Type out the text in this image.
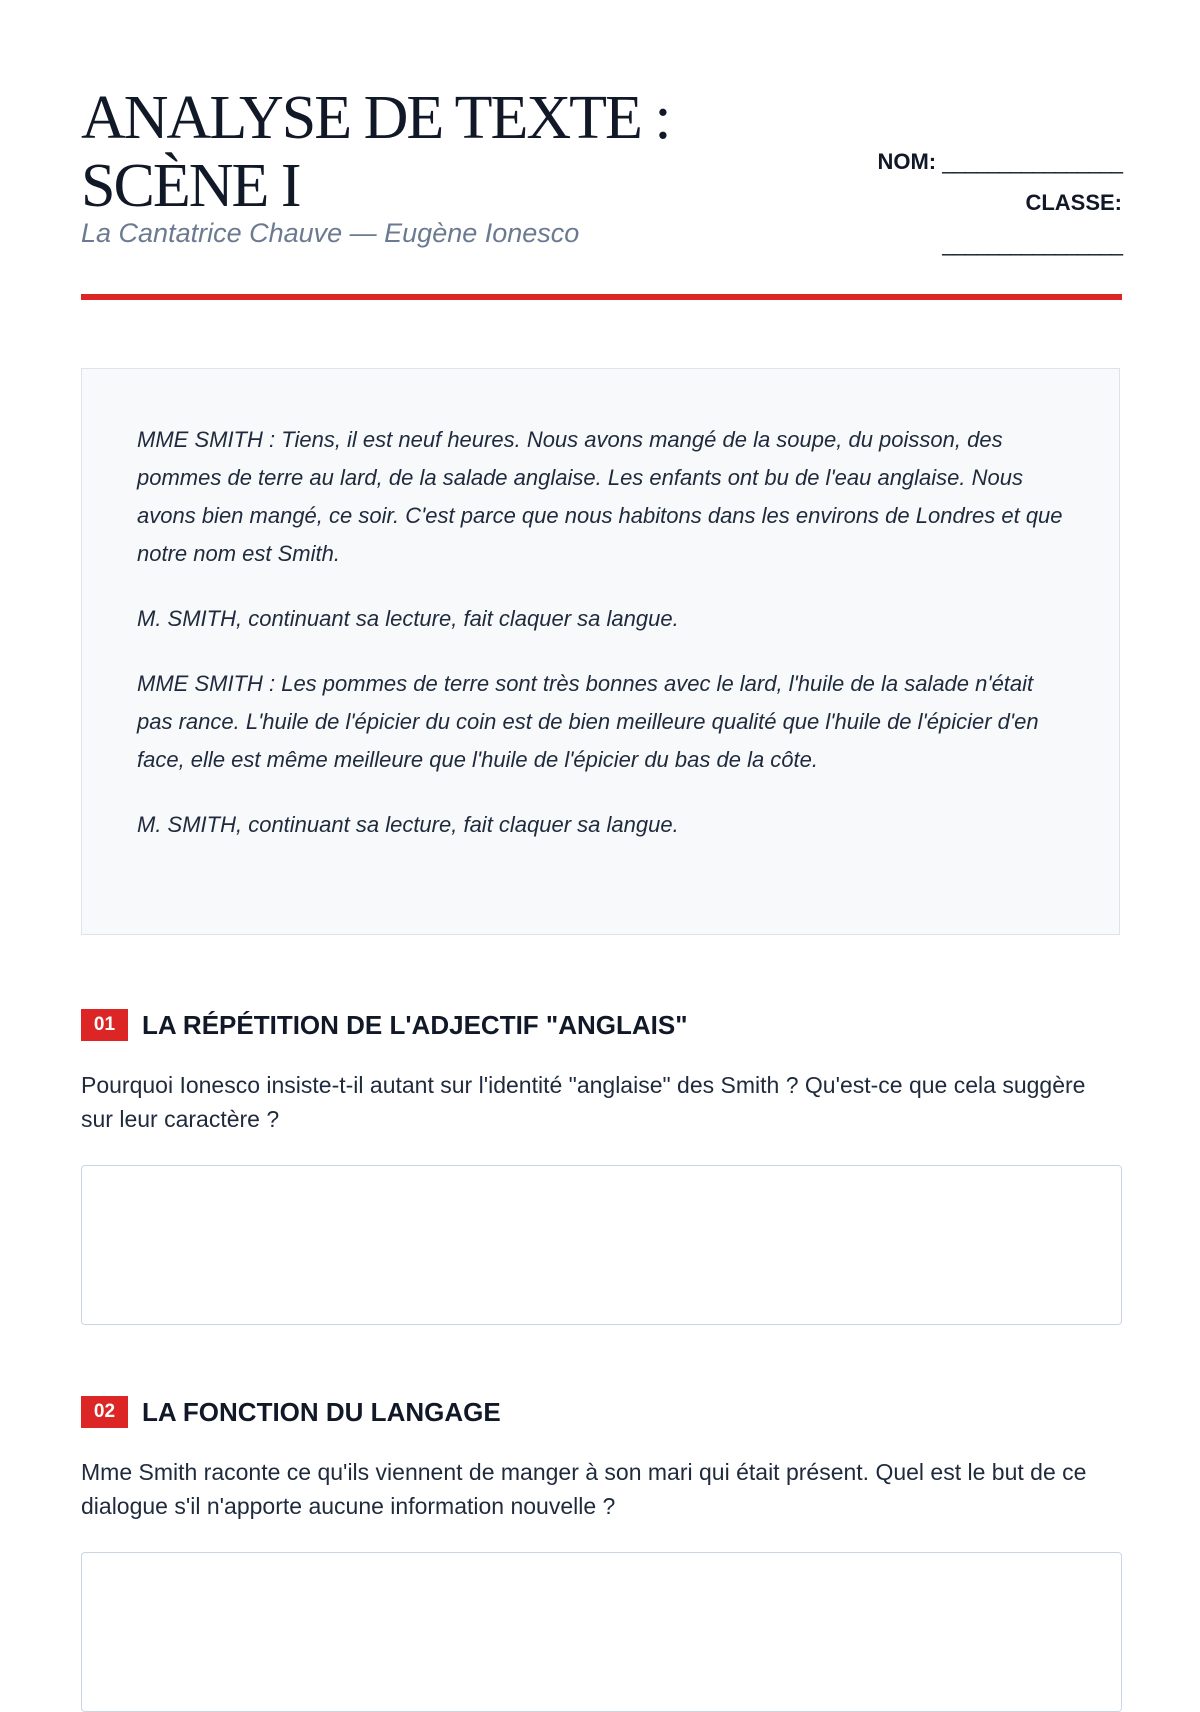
ANALYSE DE TEXTE : SCÈNE I
La Cantatrice Chauve — Eugène Ionesco
NOM: ________________
CLASSE:
________________

MME SMITH : Tiens, il est neuf heures. Nous avons mangé de la soupe, du poisson, des pommes de terre au lard, de la salade anglaise. Les enfants ont bu de l'eau anglaise. Nous avons bien mangé, ce soir. C'est parce que nous habitons dans les environs de Londres et que notre nom est Smith.

M. SMITH, continuant sa lecture, fait claquer sa langue.

MME SMITH : Les pommes de terre sont très bonnes avec le lard, l'huile de la salade n'était pas rance. L'huile de l'épicier du coin est de bien meilleure qualité que l'huile de l'épicier d'en face, elle est même meilleure que l'huile de l'épicier du bas de la côte.

M. SMITH, continuant sa lecture, fait claquer sa langue.

01	LA RÉPÉTITION DE L'ADJECTIF "ANGLAIS"
Pourquoi Ionesco insiste-t-il autant sur l'identité "anglaise" des Smith ? Qu'est-ce que cela suggère sur leur caractère ?
02	LA FONCTION DU LANGAGE
Mme Smith raconte ce qu'ils viennent de manger à son mari qui était présent. Quel est le but de ce dialogue s'il n'apporte aucune information nouvelle ?
